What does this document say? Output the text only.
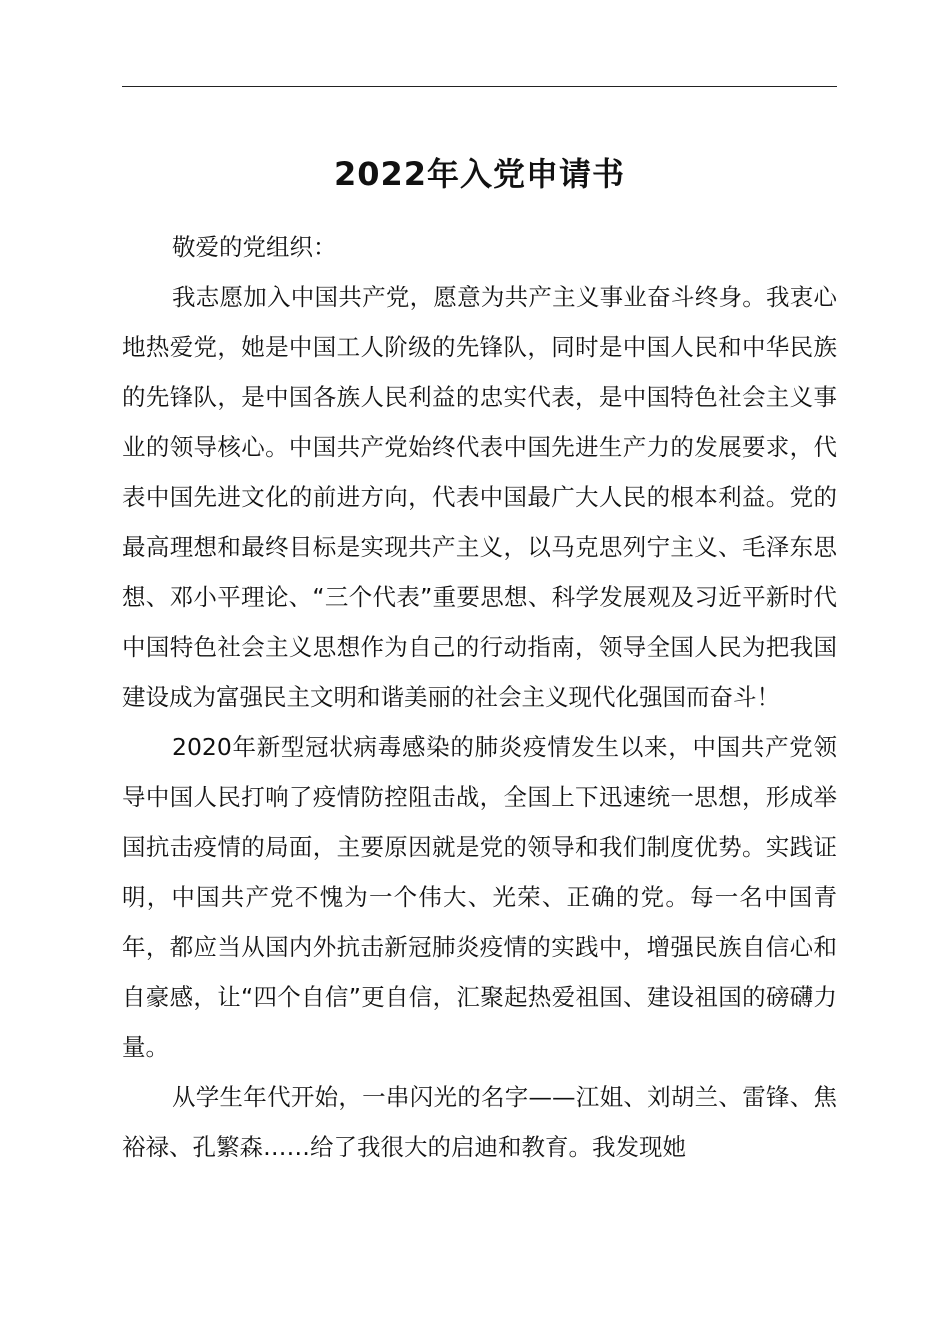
2022年入党申请书

敬爱的党组织：

我志愿加入中国共产党，愿意为共产主义事业奋斗终身。我衷心地热爱党，她是中国工人阶级的先锋队，同时是中国人民和中华民族的先锋队，是中国各族人民利益的忠实代表，是中国特色社会主义事业的领导核心。中国共产党始终代表中国先进生产力的发展要求，代表中国先进文化的前进方向，代表中国最广大人民的根本利益。党的最高理想和最终目标是实现共产主义，以马克思列宁主义、毛泽东思想、邓小平理论、“三个代表”重要思想、科学发展观及习近平新时代中国特色社会主义思想作为自己的行动指南，领导全国人民为把我国建设成为富强民主文明和谐美丽的社会主义现代化强国而奋斗！

2020年新型冠状病毒感染的肺炎疫情发生以来，中国共产党领导中国人民打响了疫情防控阻击战，全国上下迅速统一思想，形成举国抗击疫情的局面，主要原因就是党的领导和我们制度优势。实践证明，中国共产党不愧为一个伟大、光荣、正确的党。每一名中国青年，都应当从国内外抗击新冠肺炎疫情的实践中，增强民族自信心和自豪感，让“四个自信”更自信，汇聚起热爱祖国、建设祖国的磅礴力量。

从学生年代开始，一串闪光的名字——江姐、刘胡兰、雷锋、焦裕禄、孔繁森……给了我很大的启迪和教育。我发现她
